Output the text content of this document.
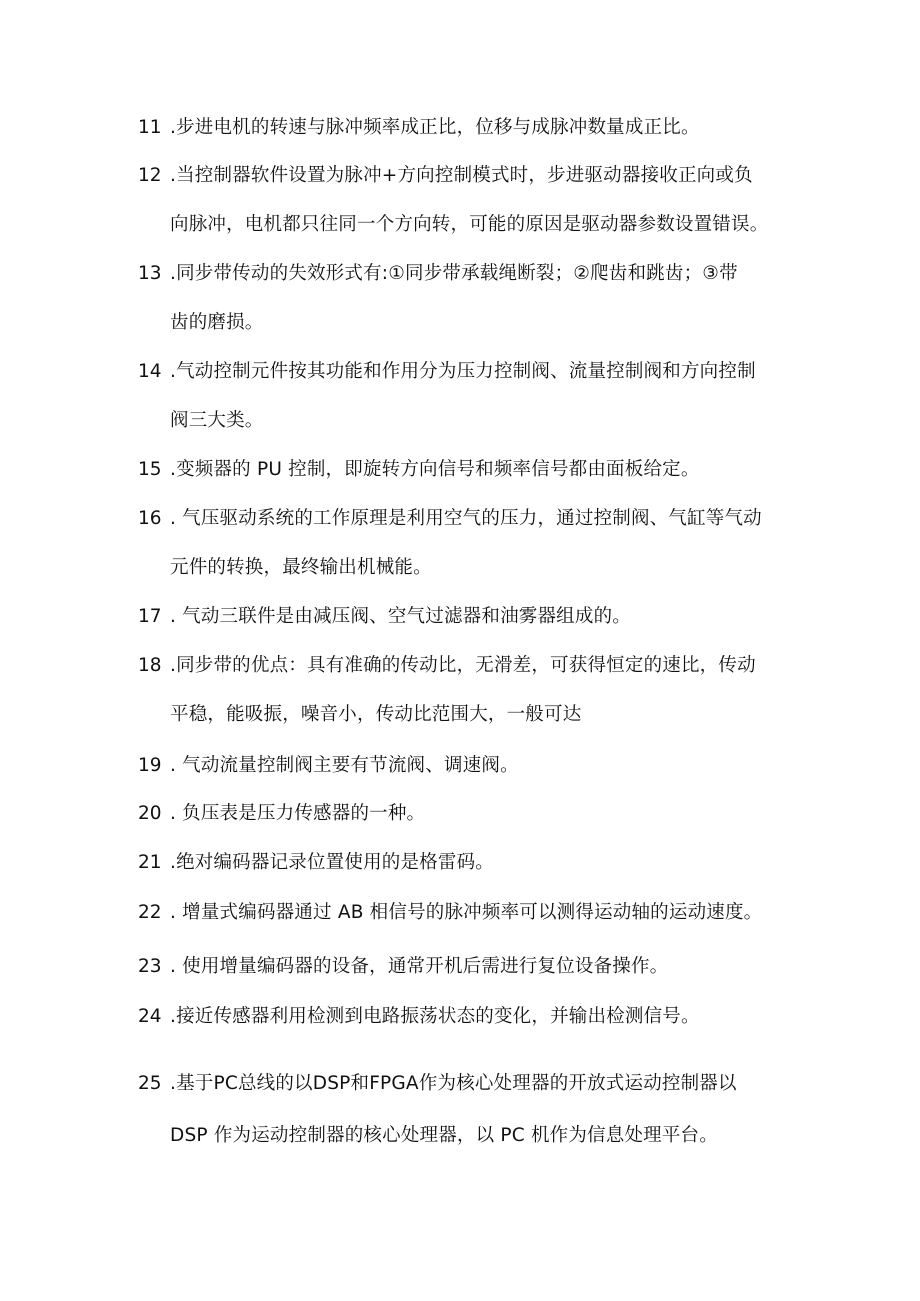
11 .步进电机的转速与脉冲频率成正比，位移与成脉冲数量成正比。
12 .当控制器软件设置为脉冲+方向控制模式时，步进驱动器接收正向或负
向脉冲，电机都只往同一个方向转，可能的原因是驱动器参数设置错误。
13 .同步带传动的失效形式有:①同步带承载绳断裂；②爬齿和跳齿；③带
齿的磨损。
14 .气动控制元件按其功能和作用分为压力控制阀、流量控制阀和方向控制
阀三大类。
15 .变频器的 PU 控制，即旋转方向信号和频率信号都由面板给定。
16 . 气压驱动系统的工作原理是利用空气的压力，通过控制阀、气缸等气动
元件的转换，最终输出机械能。
17 . 气动三联件是由减压阀、空气过滤器和油雾器组成的。
18 .同步带的优点：具有准确的传动比，无滑差，可获得恒定的速比，传动
平稳，能吸振，噪音小，传动比范围大，一般可达
19 . 气动流量控制阀主要有节流阀、调速阀。
20 . 负压表是压力传感器的一种。
21 .绝对编码器记录位置使用的是格雷码。
22 . 增量式编码器通过 AB 相信号的脉冲频率可以测得运动轴的运动速度。
23 . 使用增量编码器的设备，通常开机后需进行复位设备操作。
24 .接近传感器利用检测到电路振荡状态的变化，并输出检测信号。
25 .基于PC总线的以DSP和FPGA作为核心处理器的开放式运动控制器以
DSP 作为运动控制器的核心处理器，以 PC 机作为信息处理平台。
